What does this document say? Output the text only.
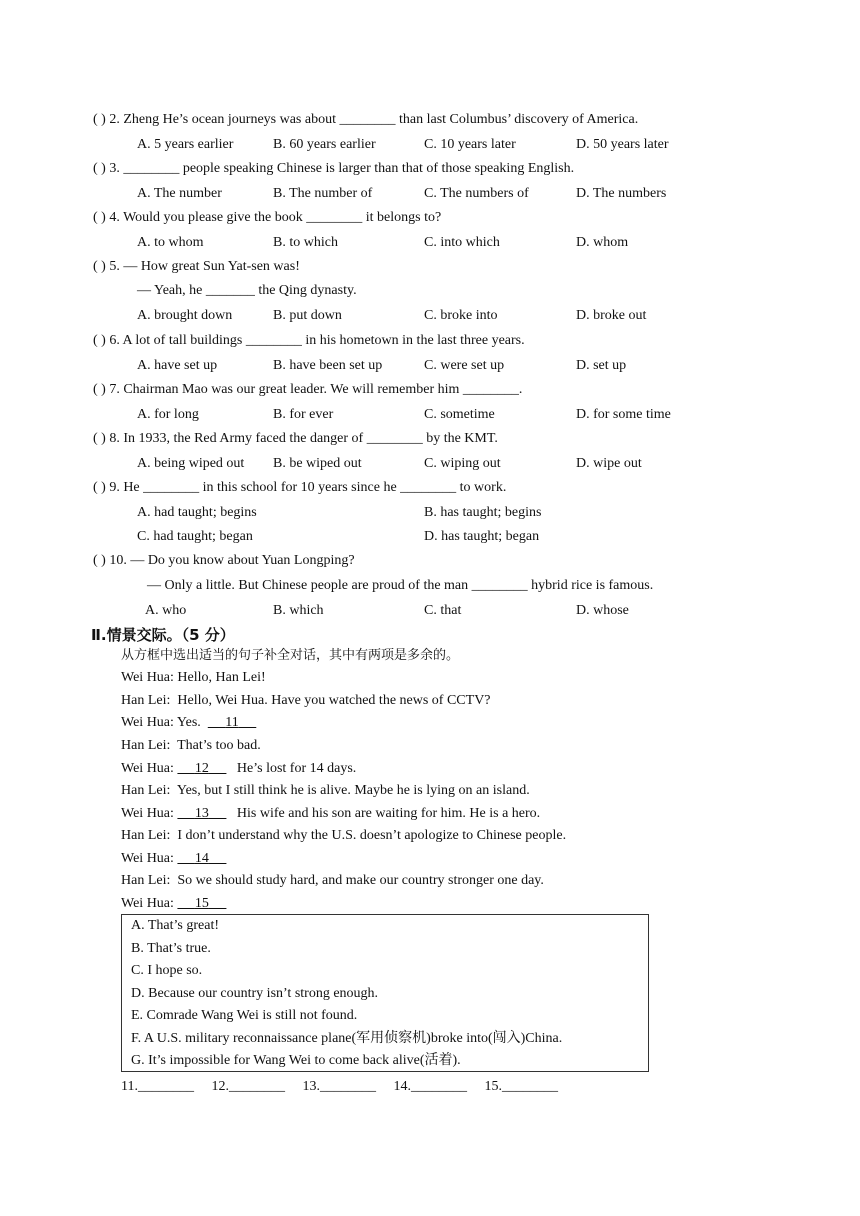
( ) 2. Zheng He’s ocean journeys was about ________ than last Columbus’ discovery of America.
A. 5 years earlier	B. 60 years earlier	C. 10 years later	D. 50 years later
( ) 3. ________ people speaking Chinese is larger than that of those speaking English.
A. The number	B. The number of	C. The numbers of	D. The numbers
( ) 4. Would you please give the book ________ it belongs to?
A. to whom	B. to which	C. into which	D. whom
( ) 5. — How great Sun Yat-sen was!
— Yeah, he _______ the Qing dynasty.
A. brought down	B. put down	C. broke into	D. broke out
( ) 6. A lot of tall buildings ________ in his hometown in the last three years.
A. have set up	B. have been set up	C. were set up	D. set up
( ) 7. Chairman Mao was our great leader. We will remember him ________.
A. for long	B. for ever	C. sometime	D. for some time
( ) 8. In 1933, the Red Army faced the danger of ________ by the KMT.
A. being wiped out B. be wiped out	C. wiping out	D. wipe out
( ) 9. He ________ in this school for 10 years since he ________ to work.
A. had taught; begins	B. has taught; begins
C. had taught; began	D. has taught; began
( ) 10. — Do you know about Yuan Longping?
— Only a little. But Chinese people are proud of the man ________ hybrid rice is famous.
A. who	B. which	C. that	D. whose
Ⅱ.情景交际。（5 分）
从方框中选出适当的句子补全对话，其中有两项是多余的。
Wei Hua: Hello, Han Lei!
Han Lei: Hello, Wei Hua. Have you watched the news of CCTV?
Wei Hua: Yes. 11
Han Lei: That’s too bad.
Wei Hua: 12 He’s lost for 14 days.
Han Lei: Yes, but I still think he is alive. Maybe he is lying on an island.
Wei Hua: 13 His wife and his son are waiting for him. He is a hero.
Han Lei: I don’t understand why the U.S. doesn’t apologize to Chinese people.
Wei Hua: 14
Han Lei: So we should study hard, and make our country stronger one day.
Wei Hua: 15
A. That’s great!
B. That’s true.
C. I hope so.
D. Because our country isn’t strong enough.
E. Comrade Wang Wei is still not found.
F. A U.S. military reconnaissance plane(军用侦察机)broke into(闯入)China.
G. It’s impossible for Wang Wei to come back alive(活着).
11.________ 12.________ 13.________ 14.________ 15.________
